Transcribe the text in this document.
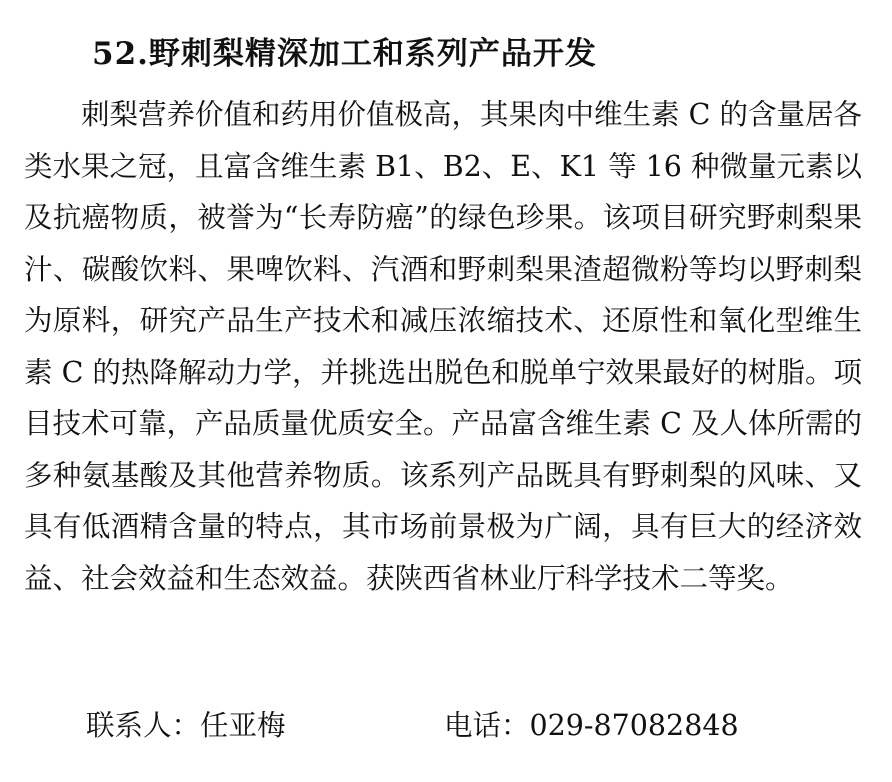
52.野刺梨精深加工和系列产品开发

刺梨营养价值和药用价值极高，其果肉中维生素 C 的含量居各类水果之冠，且富含维生素 B1、B2、E、K1 等 16 种微量元素以及抗癌物质，被誉为“长寿防癌”的绿色珍果。该项目研究野刺梨果汁、碳酸饮料、果啤饮料、汽酒和野刺梨果渣超微粉等均以野刺梨为原料，研究产品生产技术和减压浓缩技术、还原性和氧化型维生素 C 的热降解动力学，并挑选出脱色和脱单宁效果最好的树脂。项目技术可靠，产品质量优质安全。产品富含维生素 C 及人体所需的多种氨基酸及其他营养物质。该系列产品既具有野刺梨的风味、又具有低酒精含量的特点，其市场前景极为广阔，具有巨大的经济效益、社会效益和生态效益。获陕西省林业厅科学技术二等奖。

联系人：任亚梅	电话：029-87082848
